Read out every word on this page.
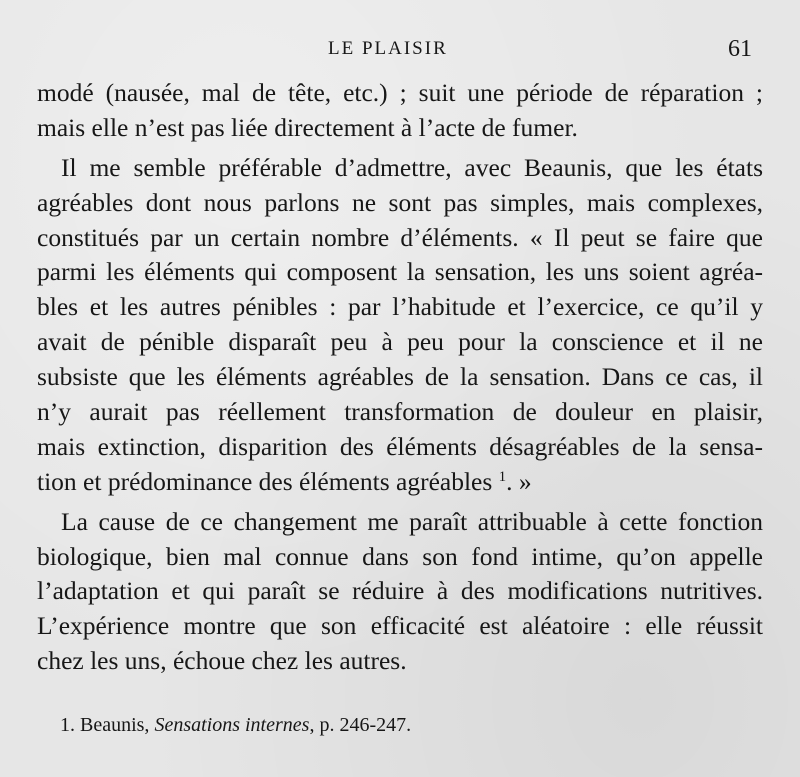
LE PLAISIR	61
modé (nausée, mal de tête, etc.) ; suit une période de réparation ;
mais elle n’est pas liée directement à l’acte de fumer.
Il me semble préférable d’admettre, avec Beaunis, que les états
agréables dont nous parlons ne sont pas simples, mais complexes,
constitués par un certain nombre d’éléments. « Il peut se faire que
parmi les éléments qui composent la sensation, les uns soient agréa-
bles et les autres pénibles : par l’habitude et l’exercice, ce qu’il y
avait de pénible disparaît peu à peu pour la conscience et il ne
subsiste que les éléments agréables de la sensation. Dans ce cas, il
n’y aurait pas réellement transformation de douleur en plaisir,
mais extinction, disparition des éléments désagréables de la sensa-
tion et prédominance des éléments agréables $^1$. »
La cause de ce changement me paraît attribuable à cette fonction
biologique, bien mal connue dans son fond intime, qu’on appelle
l’adaptation et qui paraît se réduire à des modifications nutritives.
L’expérience montre que son efficacité est aléatoire : elle réussit
chez les uns, échoue chez les autres.
1. Beaunis, Sensations internes, p. 246-247.
